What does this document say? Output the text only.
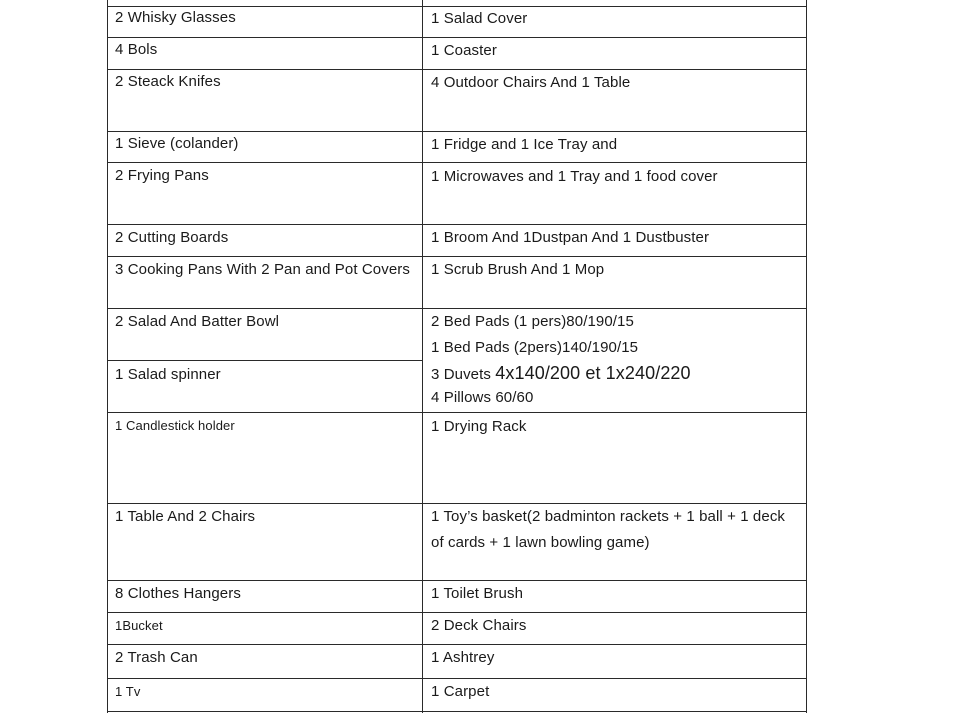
2 Whisky Glasses
4 Bols
2 Steack Knifes
1 Sieve (colander)
2 Frying Pans
2 Cutting Boards
3 Cooking Pans With 2 Pan and Pot Covers
2 Salad And Batter Bowl
1 Salad spinner
1 Candlestick holder
1 Table And 2 Chairs
8 Clothes Hangers
1Bucket
2 Trash Can
1 Tv
1 Salad Cover
1 Coaster
4 Outdoor Chairs And 1 Table
1 Fridge and 1 Ice Tray and
1 Microwaves and 1 Tray and 1 food cover
1 Broom And 1Dustpan And 1 Dustbuster
1 Scrub Brush And 1 Mop
2 Bed Pads (1 pers)80/190/15
1 Bed Pads (2pers)140/190/15
3 Duvets 4x140/200 et 1x240/220
4 Pillows 60/60
1 Drying Rack
1 Toy’s basket(2 badminton rackets + 1 ball + 1 deck
of cards + 1 lawn bowling game)
1 Toilet Brush
2 Deck Chairs
1 Ashtrey
1 Carpet
